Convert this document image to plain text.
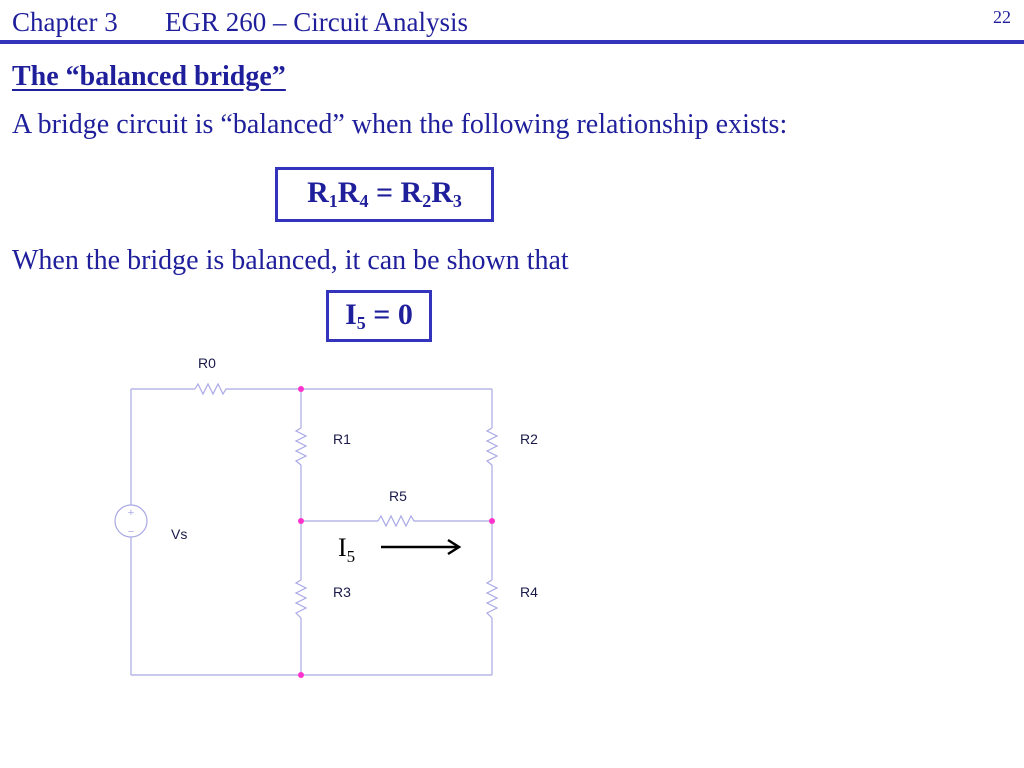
Chapter 3 EGR 260 – Circuit Analysis	22
The “balanced bridge”
A bridge circuit is “balanced” when the following relationship exists:
$R_1R_4 = R_2R_3$
When the bridge is balanced, it can be shown that
$I_5 = 0$
+
−
R0
R1	R2
R5
Vs
R3	R4
$I_5$
